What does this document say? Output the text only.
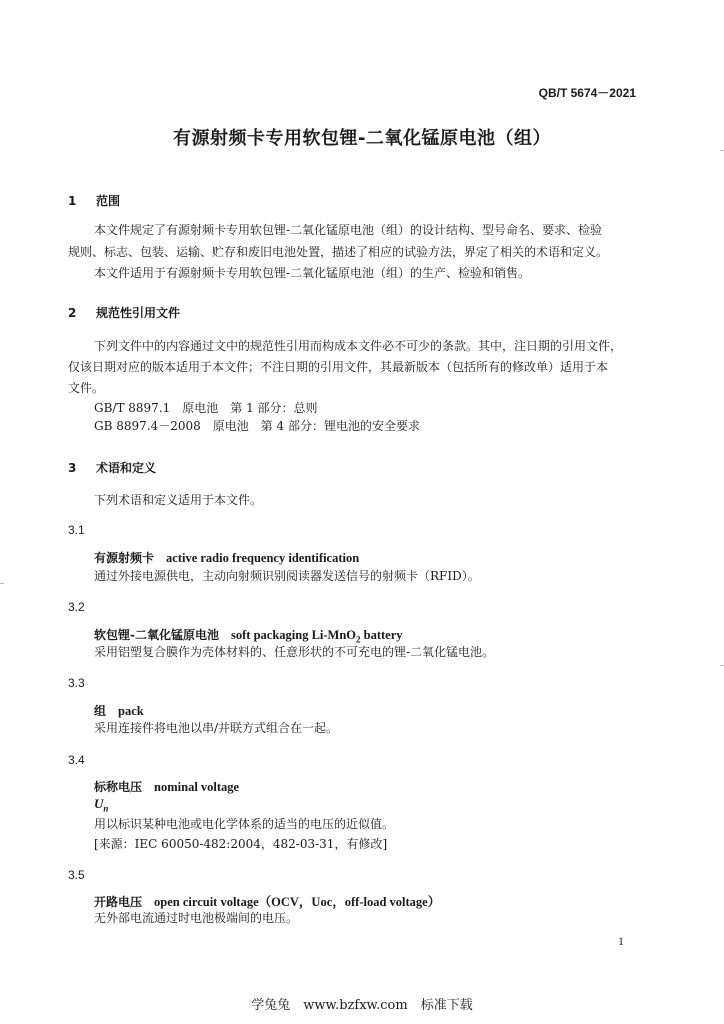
QB/T 5674－2021
有源射频卡专用软包锂-二氧化锰原电池（组）
1 范围
本文件规定了有源射频卡专用软包锂-二氧化锰原电池（组）的设计结构、型号命名、要求、检验
规则、标志、包装、运输、贮存和废旧电池处置，描述了相应的试验方法，界定了相关的术语和定义。
本文件适用于有源射频卡专用软包锂-二氧化锰原电池（组）的生产、检验和销售。
2 规范性引用文件
下列文件中的内容通过文中的规范性引用而构成本文件必不可少的条款。其中，注日期的引用文件，
仅该日期对应的版本适用于本文件；不注日期的引用文件，其最新版本（包括所有的修改单）适用于本
文件。
GB/T 8897.1　原电池　第 1 部分：总则
GB 8897.4－2008　原电池　第 4 部分：锂电池的安全要求
3 术语和定义
下列术语和定义适用于本文件。
3.1
有源射频卡　 active radio frequency identification
通过外接电源供电，主动向射频识别阅读器发送信号的射频卡（RFID）。
3.2
软包锂-二氧化锰原电池　 soft packaging Li-MnO$_2$ battery
采用铝塑复合膜作为壳体材料的、任意形状的不可充电的锂-二氧化锰电池。
3.3
组　 pack
采用连接件将电池以串/并联方式组合在一起。
3.4
标称电压　 nominal voltage
$U_n$
用以标识某种电池或电化学体系的适当的电压的近似值。
[来源：IEC 60050-482:2004，482-03-31，有修改]
3.5
开路电压　 open circuit voltage（OCV，Uoc，off-load voltage）
无外部电流通过时电池极端间的电压。
1
学兔兔　www.bzfxw.com　标准下载
